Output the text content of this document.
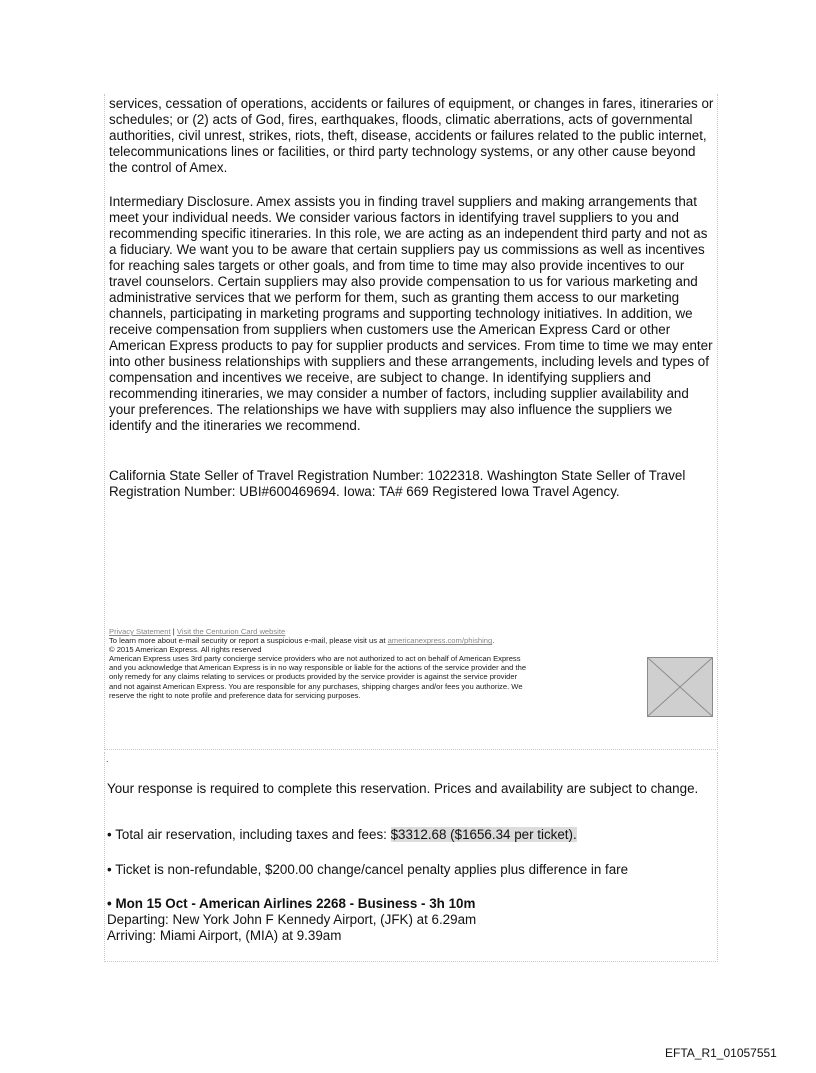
services, cessation of operations, accidents or failures of equipment, or changes in fares, itineraries or schedules; or (2) acts of God, fires, earthquakes, floods, climatic aberrations, acts of governmental authorities, civil unrest, strikes, riots, theft, disease, accidents or failures related to the public internet, telecommunications lines or facilities, or third party technology systems, or any other cause beyond the control of Amex.

Intermediary Disclosure. Amex assists you in finding travel suppliers and making arrangements that meet your individual needs. We consider various factors in identifying travel suppliers to you and recommending specific itineraries. In this role, we are acting as an independent third party and not as a fiduciary. We want you to be aware that certain suppliers pay us commissions as well as incentives for reaching sales targets or other goals, and from time to time may also provide incentives to our travel counselors. Certain suppliers may also provide compensation to us for various marketing and administrative services that we perform for them, such as granting them access to our marketing channels, participating in marketing programs and supporting technology initiatives. In addition, we receive compensation from suppliers when customers use the American Express Card or other American Express products to pay for supplier products and services. From time to time we may enter into other business relationships with suppliers and these arrangements, including levels and types of compensation and incentives we receive, are subject to change. In identifying suppliers and recommending itineraries, we may consider a number of factors, including supplier availability and your preferences. The relationships we have with suppliers may also influence the suppliers we identify and the itineraries we recommend.

California State Seller of Travel Registration Number: 1022318. Washington State Seller of Travel Registration Number: UBI#600469694. Iowa: TA# 669 Registered Iowa Travel Agency.

Privacy Statement | Visit the Centurion Card website
To learn more about e-mail security or report a suspicious e-mail, please visit us at americanexpress.com/phishing.
© 2015 American Express. All rights reserved
American Express uses 3rd party concierge service providers who are not authorized to act on behalf of American Express
and you acknowledge that American Express is in no way responsible or liable for the actions of the service provider and the
only remedy for any claims relating to services or products provided by the service provider is against the service provider
and not against American Express. You are responsible for any purchases, shipping charges and/or fees you authorize. We
reserve the right to note profile and preference data for servicing purposes.
.

Your response is required to complete this reservation. Prices and availability are subject to change.

• Total air reservation, including taxes and fees: $3312.68 ($1656.34 per ticket).

• Ticket is non-refundable, $200.00 change/cancel penalty applies plus difference in fare

• Mon 15 Oct - American Airlines 2268 - Business - 3h 10m

Departing: New York John F Kennedy Airport, (JFK) at 6.29am

Arriving: Miami Airport, (MIA) at 9.39am

EFTA_R1_01057551
